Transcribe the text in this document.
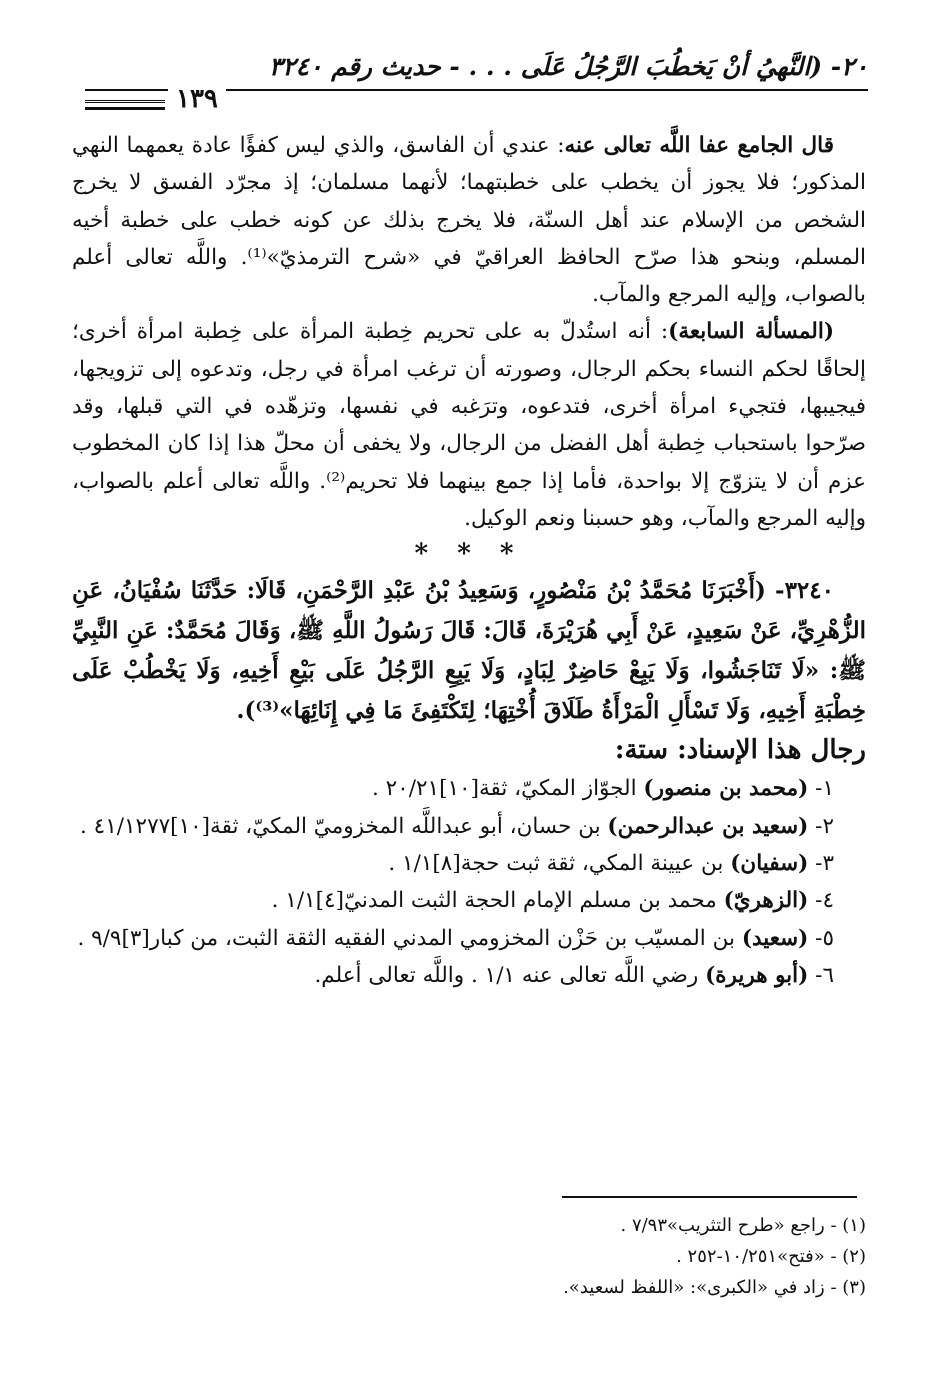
٢٠- (النَّهيُ أنْ يَخطُبَ الرَّجُلُ عَلَى . . . - حديث رقم ٣٢٤٠
١٣٩

قال الجامع عفا اللَّه تعالى عنه: عندي أن الفاسق، والذي ليس كفؤًا عادة يعمهما النهي المذكور؛ فلا يجوز أن يخطب على خطبتهما؛ لأنهما مسلمان؛ إذ مجرّد الفسق لا يخرج الشخص من الإسلام عند أهل السنّة، فلا يخرج بذلك عن كونه خطب على خطبة أخيه المسلم، وبنحو هذا صرّح الحافظ العراقيّ في «شرح الترمذيّ»⁽¹⁾. واللَّه تعالى أعلم بالصواب، وإليه المرجع والمآب.

(المسألة السابعة): أنه استُدلّ به على تحريم خِطبة المرأة على خِطبة امرأة أخرى؛ إلحاقًا لحكم النساء بحكم الرجال، وصورته أن ترغب امرأة في رجل، وتدعوه إلى تزويجها، فيجيبها، فتجيء امرأة أخرى، فتدعوه، وترَغبه في نفسها، وتزهّده في التي قبلها، وقد صرّحوا باستحباب خِطبة أهل الفضل من الرجال، ولا يخفى أن محلّ هذا إذا كان المخطوب عزم أن لا يتزوّج إلا بواحدة، فأما إذا جمع بينهما فلا تحريم⁽²⁾. واللَّه تعالى أعلم بالصواب، وإليه المرجع والمآب، وهو حسبنا ونعم الوكيل.

* * *

٣٢٤٠- (أَخْبَرَنَا مُحَمَّدُ بْنُ مَنْصُورٍ، وَسَعِيدُ بْنُ عَبْدِ الرَّحْمَنِ، قَالَا: حَدَّثَنَا سُفْيَانُ، عَنِ الزُّهْرِيِّ، عَنْ سَعِيدٍ، عَنْ أَبِي هُرَيْرَةَ، قَالَ: قَالَ رَسُولُ اللَّهِ ﷺ، وَقَالَ مُحَمَّدٌ: عَنِ النَّبِيِّ ﷺ: «لَا تَنَاجَشُوا، وَلَا يَبِعْ حَاضِرٌ لِبَادٍ، وَلَا يَبِعِ الرَّجُلُ عَلَى بَيْعِ أَخِيهِ، وَلَا يَخْطُبْ عَلَى خِطْبَةِ أَخِيهِ، وَلَا تَسْأَلِ الْمَرْأَةُ طَلَاقَ أُخْتِهَا؛ لِتَكْتَفِئَ مَا فِي إِنَائِهَا»⁽³⁾).

رجال هذا الإسناد: ستة:

١- (محمد بن منصور) الجوّاز المكيّ، ثقة[١٠]٢٠/٢١ .

٢- (سعيد بن عبدالرحمن) بن حسان، أبو عبداللَّه المخزوميّ المكيّ، ثقة[١٠]٤١/١٢٧٧ .

٣- (سفيان) بن عيينة المكي، ثقة ثبت حجة[٨]١/١ .

٤- (الزهريّ) محمد بن مسلم الإمام الحجة الثبت المدنيّ[٤]١/١ .

٥- (سعيد) بن المسيّب بن حَزْن المخزومي المدني الفقيه الثقة الثبت، من كبار[٣]٩/٩ .

٦- (أبو هريرة) رضي اللَّه تعالى عنه ١/١ . واللَّه تعالى أعلم.

(١) - راجع «طرح التثريب»٧/٩٣ .

(٢) - «فتح»١٠/٢٥١-٢٥٢ .

(٣) - زاد في «الكبرى»: «اللفظ لسعيد».
